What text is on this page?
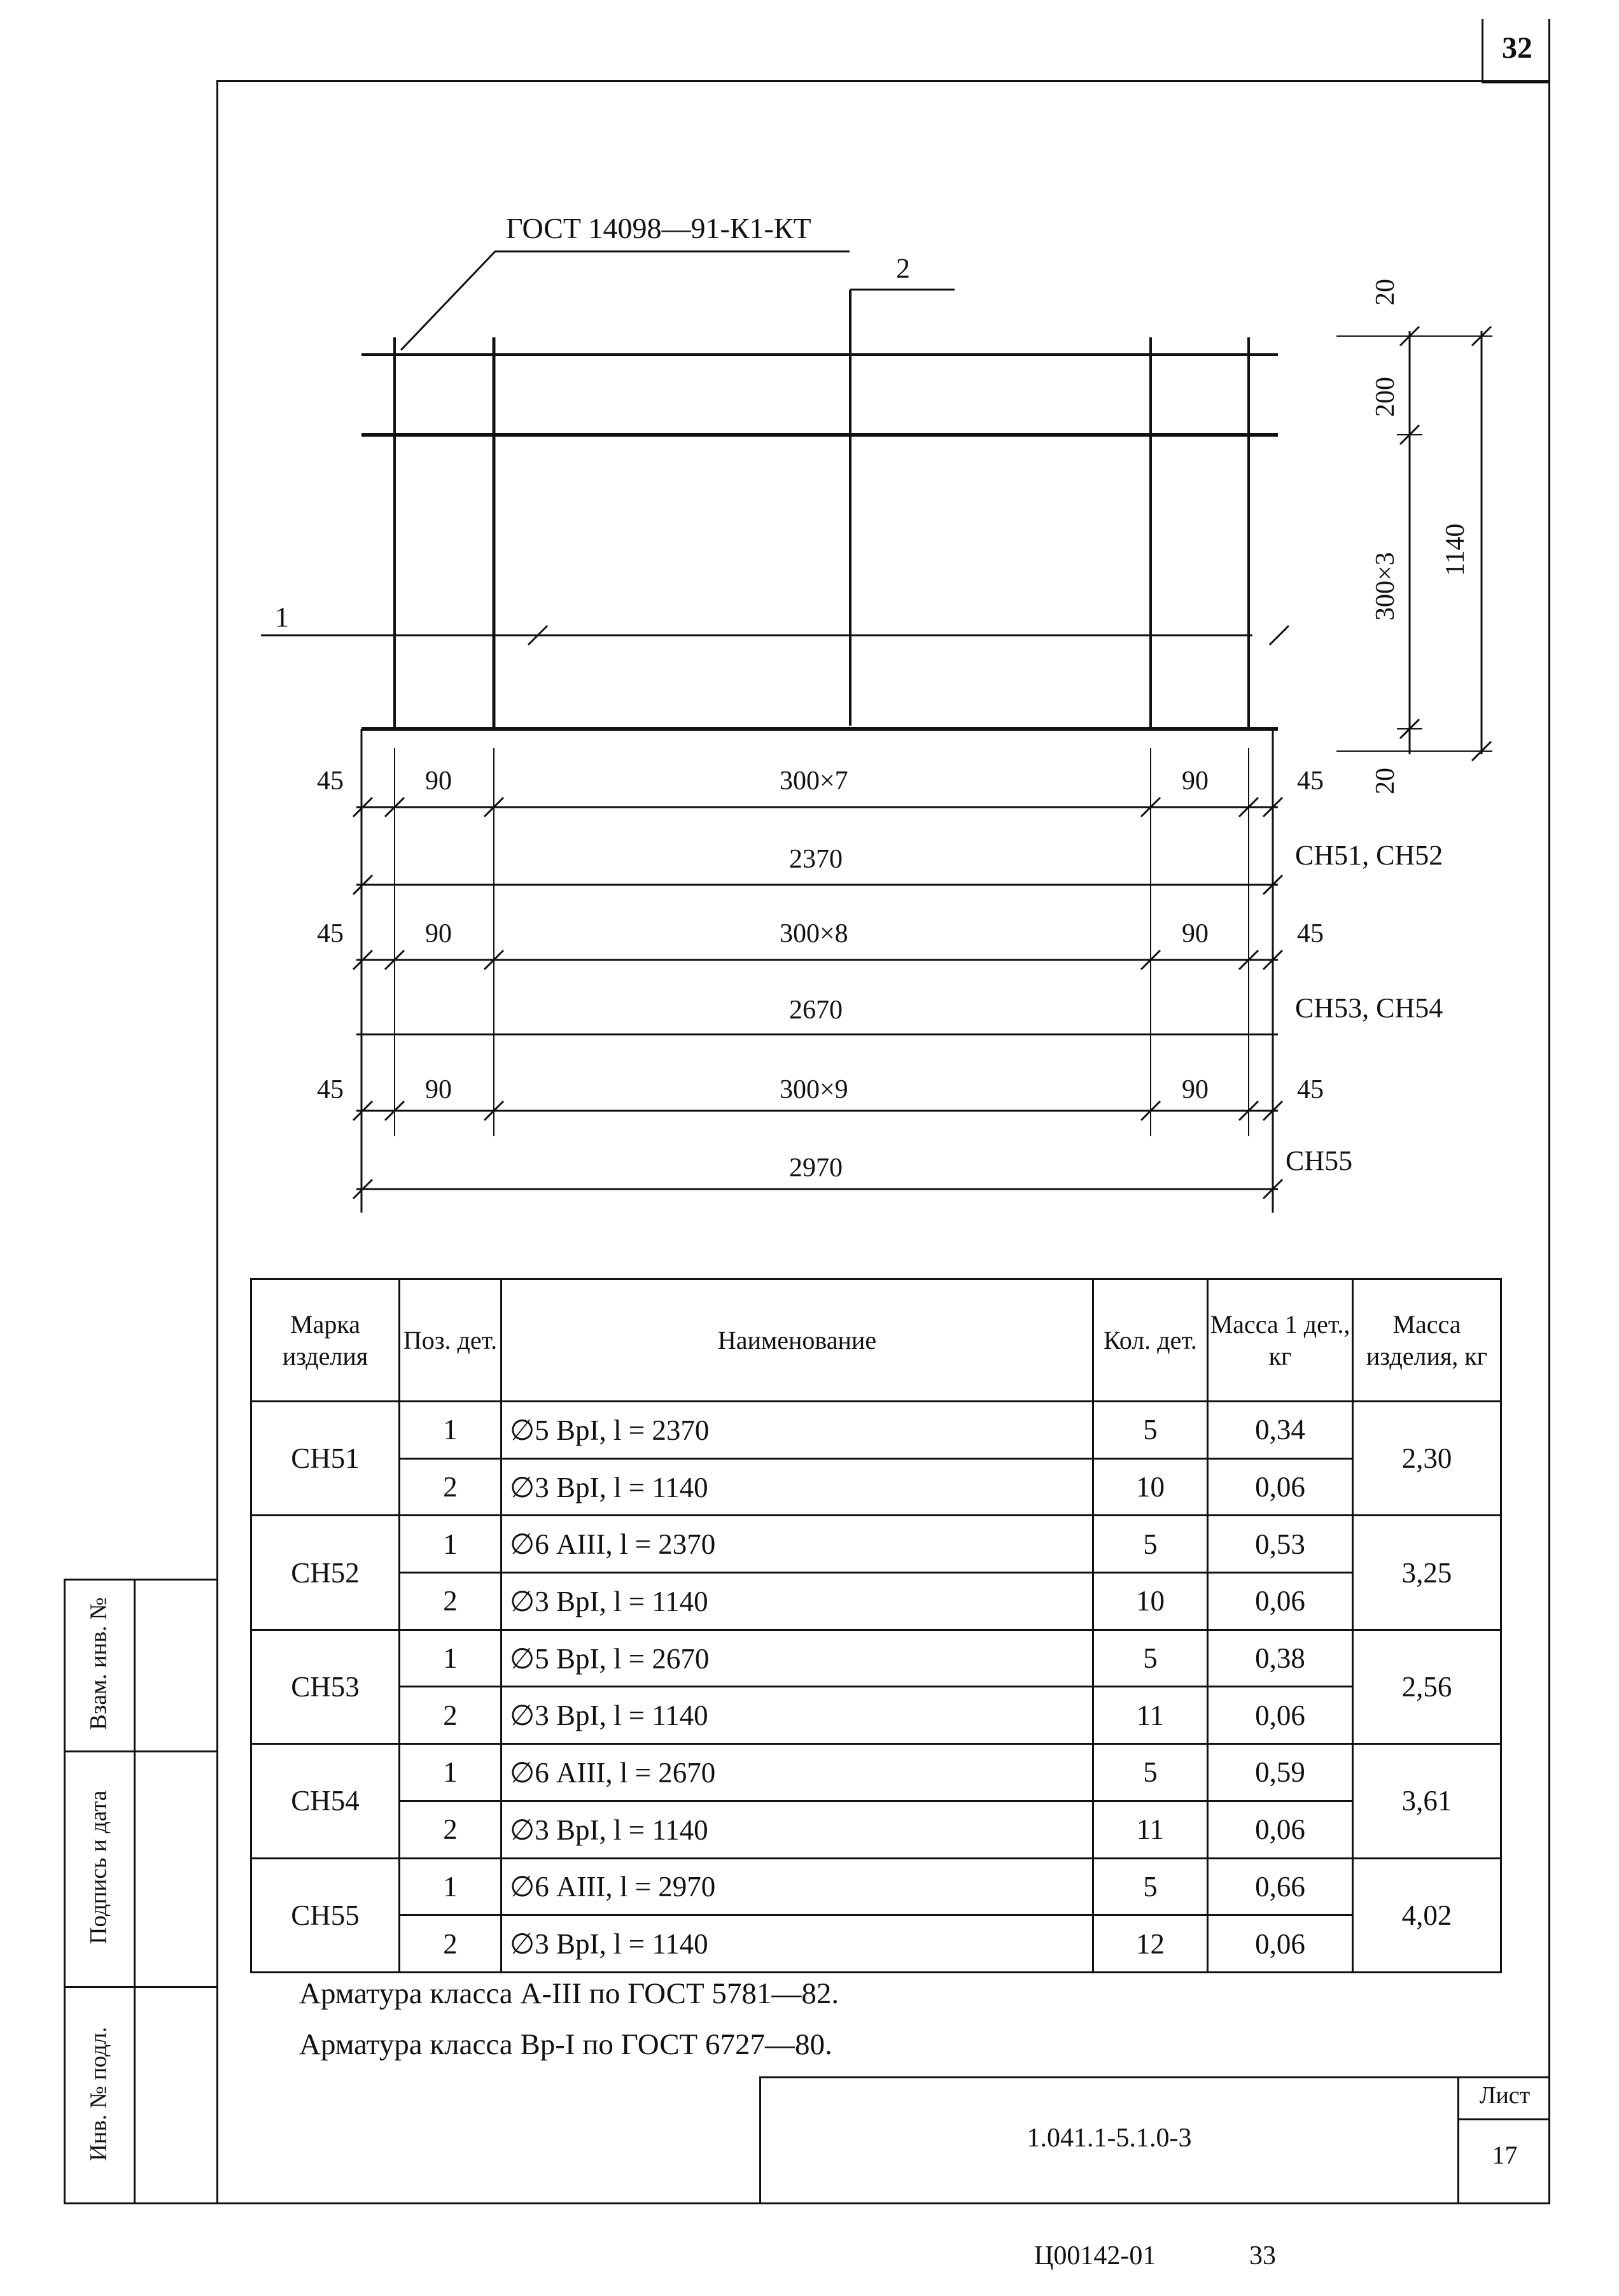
32
ГОСТ 14098—91-К1-КТ
2
1
20
200
300×3
1140
20
45	90	300×7	90	45
2370	СН51, СН52
45	90	300×8	90	45
2670	СН53, СН54
45	90	300×9	90	45
2970	СН55
Марка изделия	Поз. дет.	Наименование	Кол. дет.	Масса 1 дет., кг	Масса изделия, кг
СН51	1	∅5 ВрI, l = 2370	5	0,34	2,30
	2	∅3 ВрI, l = 1140	10	0,06	
СН52	1	∅6 АIII, l = 2370	5	0,53	3,25
	2	∅3 ВрI, l = 1140	10	0,06	
СН53	1	∅5 ВрI, l = 2670	5	0,38	2,56
	2	∅3 ВрI, l = 1140	11	0,06	
СН54	1	∅6 АIII, l = 2670	5	0,59	3,61
	2	∅3 ВрI, l = 1140	11	0,06	
СН55	1	∅6 АIII, l = 2970	5	0,66	4,02
	2	∅3 ВрI, l = 1140	12	0,06	
Арматура класса А-III по ГОСТ 5781—82.
Арматура класса Вр-I по ГОСТ 6727—80.
1.041.1-5.1.0-3
Лист
17
Взам. инв. №
Подпись и дата
Инв. № подл.
Ц00142-01	33
